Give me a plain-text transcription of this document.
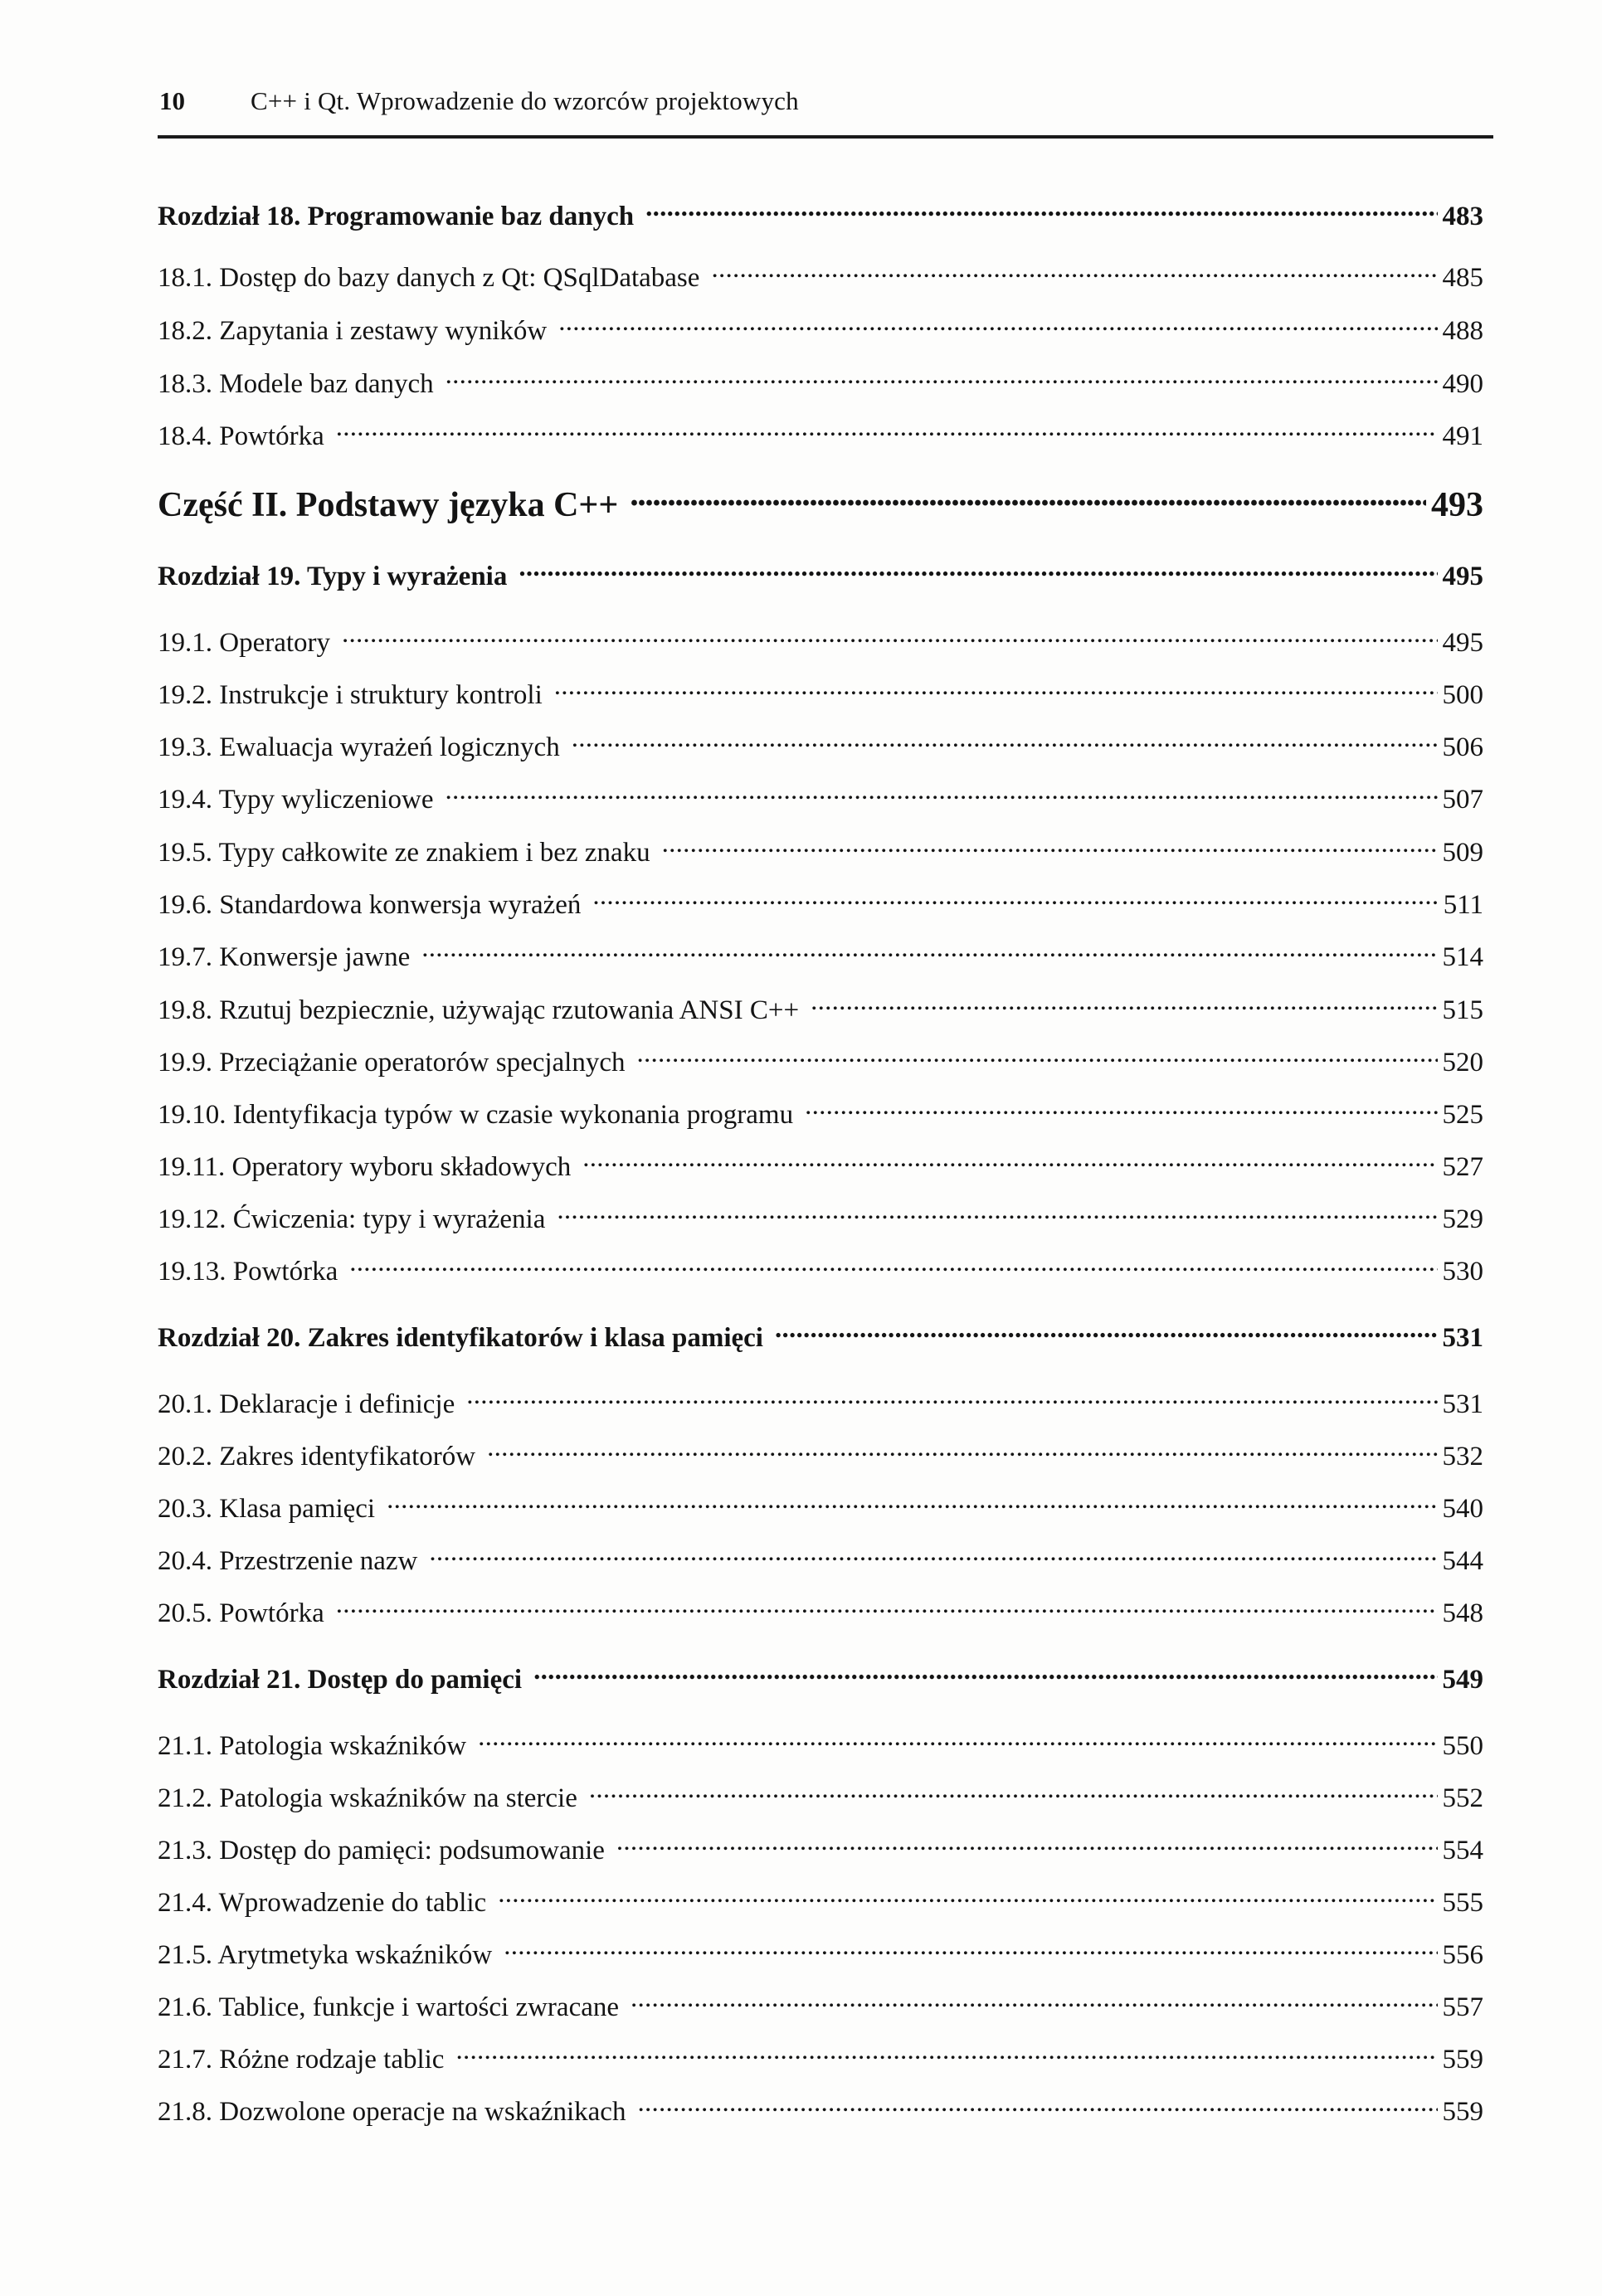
10	C++ i Qt. Wprowadzenie do wzorców projektowych
Rozdział 18. Programowanie baz danych . . .	483
18.1. Dostęp do bazy danych z Qt: QSqlDatabase . . .	485
18.2. Zapytania i zestawy wyników . . .	488
18.3. Modele baz danych . . .	490
18.4. Powtórka . . .	491
Część II. Podstawy języka C++ . . .	493
Rozdział 19. Typy i wyrażenia . . .	495
19.1. Operatory . . .	495
19.2. Instrukcje i struktury kontroli . . .	500
19.3. Ewaluacja wyrażeń logicznych . . .	506
19.4. Typy wyliczeniowe . . .	507
19.5. Typy całkowite ze znakiem i bez znaku . . .	509
19.6. Standardowa konwersja wyrażeń . . .	511
19.7. Konwersje jawne . . .	514
19.8. Rzutuj bezpiecznie, używając rzutowania ANSI C++ . . .	515
19.9. Przeciążanie operatorów specjalnych . . .	520
19.10. Identyfikacja typów w czasie wykonania programu . . .	525
19.11. Operatory wyboru składowych . . .	527
19.12. Ćwiczenia: typy i wyrażenia . . .	529
19.13. Powtórka . . .	530
Rozdział 20. Zakres identyfikatorów i klasa pamięci . . .	531
20.1. Deklaracje i definicje . . .	531
20.2. Zakres identyfikatorów . . .	532
20.3. Klasa pamięci . . .	540
20.4. Przestrzenie nazw . . .	544
20.5. Powtórka . . .	548
Rozdział 21. Dostęp do pamięci . . .	549
21.1. Patologia wskaźników . . .	550
21.2. Patologia wskaźników na stercie . . .	552
21.3. Dostęp do pamięci: podsumowanie . . .	554
21.4. Wprowadzenie do tablic . . .	555
21.5. Arytmetyka wskaźników . . .	556
21.6. Tablice, funkcje i wartości zwracane . . .	557
21.7. Różne rodzaje tablic . . .	559
21.8. Dozwolone operacje na wskaźnikach . . .	559
